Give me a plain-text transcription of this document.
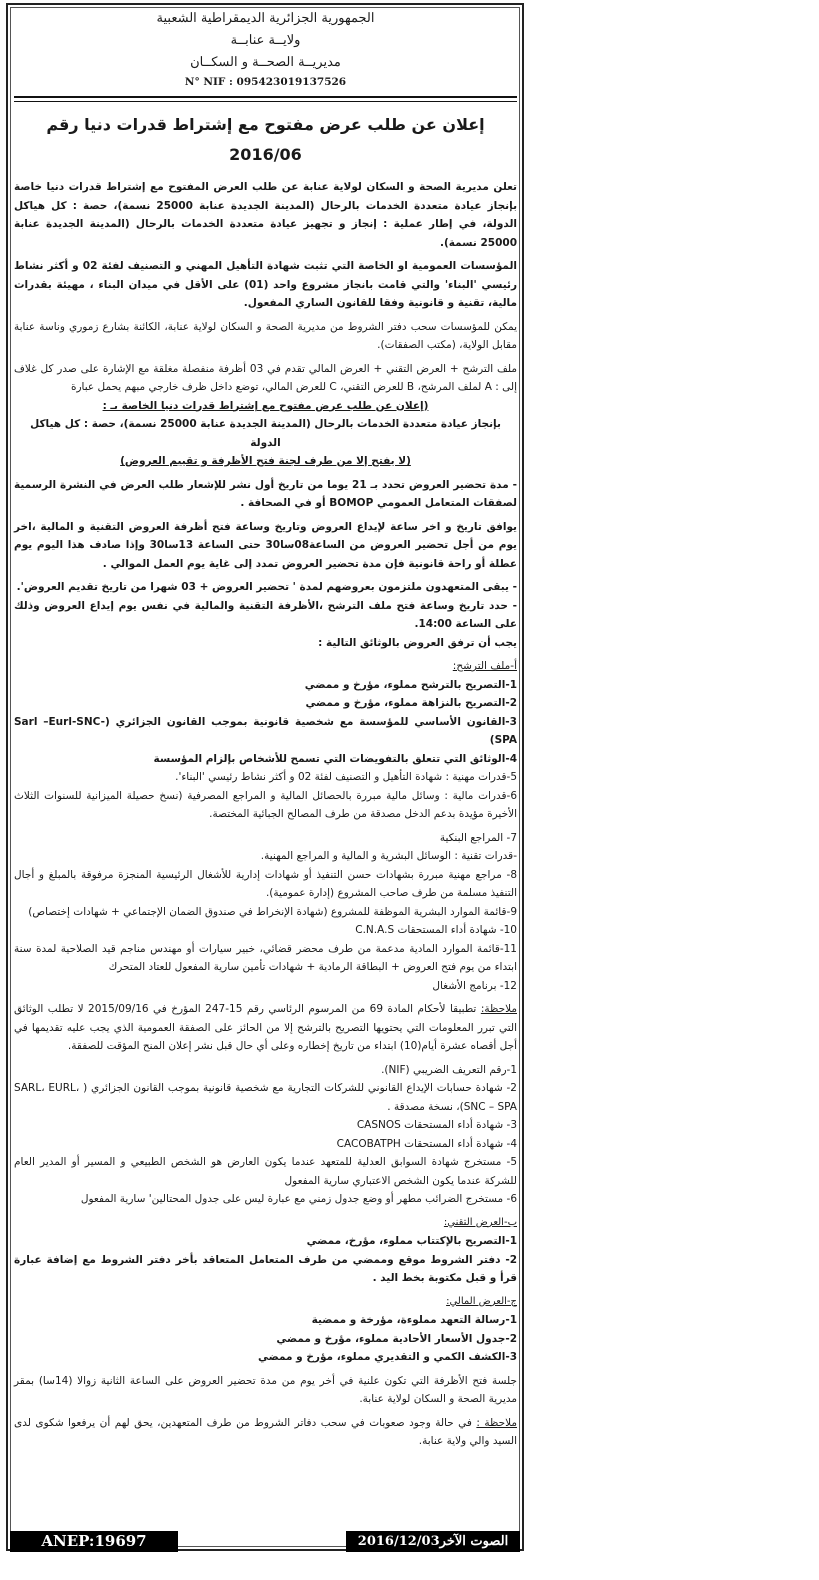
الجمهورية الجزائرية الديمقراطية الشعبية
ولايــة عنابــة
مديريــة الصحــة و السكــان
N° NIF : 095423019137526
إعلان عن طلب عرض مفتوح مع إشتراط قدرات دنيا رقم 2016/06

تعلن مديرية الصحة و السكان لولاية عنابة عن طلب العرض المفتوح مع إشتراط قدرات دنيا خاصة بإنجاز عيادة متعددة الخدمات بالرحال (المدينة الجديدة عنابة 25000 نسمة)، حصة : كل هياكل الدولة، في إطار عملية : إنجاز و تجهيز عيادة متعددة الخدمات بالرحال (المدينة الجديدة عنابة 25000 نسمة).

المؤسسات العمومية او الخاصة التي تثبت شهادة التأهيل المهني و التصنيف لفئة 02 و أكثر نشاط رئيسي 'البناء' والتي قامت بانجاز مشروع واحد (01) على الأقل في ميدان البناء ، مهيئة بقدرات مالية، تقنية و قانونية وفقا للقانون الساري المفعول.

يمكن للمؤسسات سحب دفتر الشروط من مديرية الصحة و السكان لولاية عنابة، الكائنة بشارع زموري وناسة عنابة مقابل الولاية، (مكتب الصفقات).

ملف الترشح + العرض التقني + العرض المالي تقدم في 03 أظرفة منفصلة مغلقة مع الإشارة على صدر كل غلاف إلى : A لملف المرشح، B للعرض التقني، C للعرض المالي، توضع داخل ظرف خارجي مبهم يحمل عبارة

(إعلان عن طلب عرض مفتوح مع إشتراط قدرات دنيا الخاصة بـ :

بإنجاز عيادة متعددة الخدمات بالرحال (المدينة الجديدة عنابة 25000 نسمة)، حصة : كل هياكل الدولة

(لا يفتح إلا من طرف لجنة فتح الأظرفة و تقييم العروض)

- مدة تحضير العروض تحدد بـ 21 يوما من تاريخ أول نشر للإشعار طلب العرض في النشرة الرسمية لصفقات المتعامل العمومي BOMOP أو في الصحافة .

يوافق تاريخ و اخر ساعة لإيداع العروض وتاريخ وساعة فتح أظرفة العروض التقنية و المالية ،اخر يوم من أجل تحضير العروض من الساعة08سا30 حتى الساعة 13سا30 وإذا صادف هذا اليوم يوم عطلة أو راحة قانونية فإن مدة تحضير العروض تمدد إلى غاية يوم العمل الموالي .

- يبقى المتعهدون ملتزمون بعروضهم لمدة ' تحضير العروض + 03 شهرا من تاريخ تقديم العروض'.

- حدد تاريخ وساعة فتح ملف الترشح ،الأظرفة التقنية والمالية في نفس يوم إيداع العروض وذلك على الساعة 14:00.

يجب أن ترفق العروض بالوثائق التالية :

أ-ملف الترشح:

1-التصريح بالترشح مملوء، مؤرخ و ممضي

2-التصريح بالنزاهة مملوء، مؤرخ و ممضي

3-القانون الأساسي للمؤسسة مع شخصية قانونية بموجب القانون الجزائري (Sarl –Eurl-SNC-SPA)

4-الوثائق التي تتعلق بالتفويضات التي تسمح للأشخاص بإلزام المؤسسة

5-قدرات مهنية : شهادة التأهيل و التصنيف لفئة 02 و أكثر نشاط رئيسي 'البناء'.

6-قدرات مالية : وسائل مالية مبررة بالحصائل المالية و المراجع المصرفية (نسخ حصيلة الميزانية للسنوات الثلاث الأخيرة مؤيدة بدعم الدخل مصدقة من طرف المصالح الجبائية المختصة.

7- المراجع البنكية

-قدرات تقنية : الوسائل البشرية و المالية و المراجع المهنية.

8- مراجع مهنية مبررة بشهادات حسن التنفيذ أو شهادات إدارية للأشغال الرئيسية المنجزة مرفوقة بالمبلغ و أجال التنفيذ مسلمة من طرف صاحب المشروع (إدارة عمومية).

9-قائمة الموارد البشرية الموظفة للمشروع (شهادة الإنخراط في صندوق الضمان الإجتماعي + شهادات إختصاص)

10- شهادة أداء المستحقات C.N.A.S

11-قائمة الموارد المادية مدعمة من طرف محضر قضائي، خبير سيارات أو مهندس مناجم قيد الصلاحية لمدة سنة ابتداء من يوم فتح العروض + البطاقة الرمادية + شهادات تأمين سارية المفعول للعتاد المتحرك

12- برنامج الأشغال

ملاحظة: تطبيقا لأحكام المادة 69 من المرسوم الرئاسي رقم 15-247 المؤرخ في 2015/09/16 لا تطلب الوثائق التي تبرر المعلومات التي يحتويها التصريح بالترشح إلا من الحائز على الصفقة العمومية الذي يجب عليه تقديمها في أجل أقصاه عشرة أيام(10) ابتداء من تاريخ إخطاره وعلى أي حال قبل نشر إعلان المنح المؤقت للصفقة.

1-رقم التعريف الضريبي (NIF).

2- شهادة حسابات الإيداع القانوني للشركات التجارية مع شخصية قانونية بموجب القانون الجزائري ( SARL، EURL، SNC – SPA)، نسخة مصدقة .

3- شهادة أداء المستحقات CASNOS

4- شهادة أداء المستحقات CACOBATPH

5- مستخرج شهادة السوابق العدلية للمتعهد عندما يكون العارض هو الشخص الطبيعي و المسير أو المدير العام للشركة عندما يكون الشخص الاعتباري سارية المفعول

6- مستخرج الضرائب مطهر أو وضع جدول زمني مع عبارة ليس على جدول المحتالين' سارية المفعول

ب-العرض التقني:

1-التصريح بالإكتتاب مملوء، مؤرخ، ممضي

2- دفتر الشروط موقع وممضي من طرف المتعامل المتعاقد بأخر دفتر الشروط مع إضافة عبارة قرأ و قبل مكتوبة بخط اليد .

ج-العرض المالي:

1-رسالة التعهد مملوءة، مؤرخة و ممضية

2-جدول الأسعار الأحادية مملوء، مؤرخ و ممضي

3-الكشف الكمي و التقديري مملوء، مؤرخ و ممضي

جلسة فتح الأظرفة التي تكون علنية في أخر يوم من مدة تحضير العروض على الساعة الثانية زوالا (14سا) بمقر مديرية الصحة و السكان لولاية عنابة.

ملاحظة : في حالة وجود صعوبات في سحب دفاتر الشروط من طرف المتعهدين، يحق لهم أن يرفعوا شكوى لدى السيد والي ولاية عنابة.

ANEP:19697	الصوت الآخر2016/12/03
